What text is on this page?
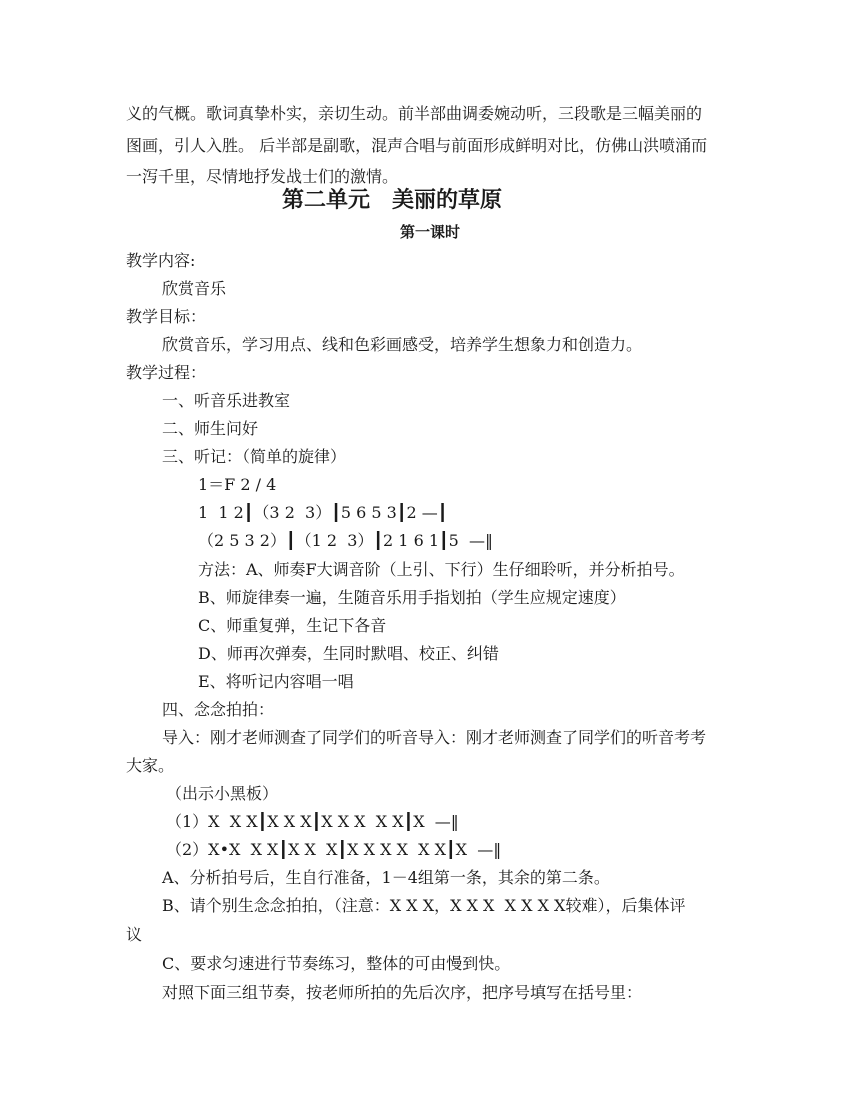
义的气概。歌词真挚朴实，亲切生动。前半部曲调委婉动听，三段歌是三幅美丽的
图画，引人入胜。 后半部是副歌，混声合唱与前面形成鲜明对比，仿佛山洪喷涌而
一泻千里，尽情地抒发战士们的激情。
第二单元　美丽的草原
第一课时
教学内容:
欣赏音乐
教学目标：
欣赏音乐，学习用点、线和色彩画感受，培养学生想象力和创造力。
教学过程：
一、听音乐进教室
二、师生问好
三、听记：（简单的旋律）
1＝F 2 / 4
1  1 2┃（3 2  3）┃5 6 5 3┃2 —┃
（2 5 3 2）┃（1 2  3）┃2 1 6 1┃5  —‖
方法：A、师奏F大调音阶（上引、下行）生仔细聆听，并分析拍号。
B、师旋律奏一遍，生随音乐用手指划拍（学生应规定速度）
C、师重复弹，生记下各音
D、师再次弹奏，生同时默唱、校正、纠错
E、将听记内容唱一唱
四、念念拍拍：
导入：刚才老师测查了同学们的听音导入：刚才老师测查了同学们的听音考考
大家。
（出示小黑板）
（1）X  X X┃X X X┃X X X  X X┃X  —‖
（2）X•X  X X┃X X  X┃X X X X  X X┃X  —‖
A、分析拍号后，生自行准备，1－4组第一条，其余的第二条。
B、请个别生念念拍拍，（注意：X X X，X X X  X X X X较难），后集体评
议
C、要求匀速进行节奏练习，整体的可由慢到快。
对照下面三组节奏，按老师所拍的先后次序，把序号填写在括号里：
